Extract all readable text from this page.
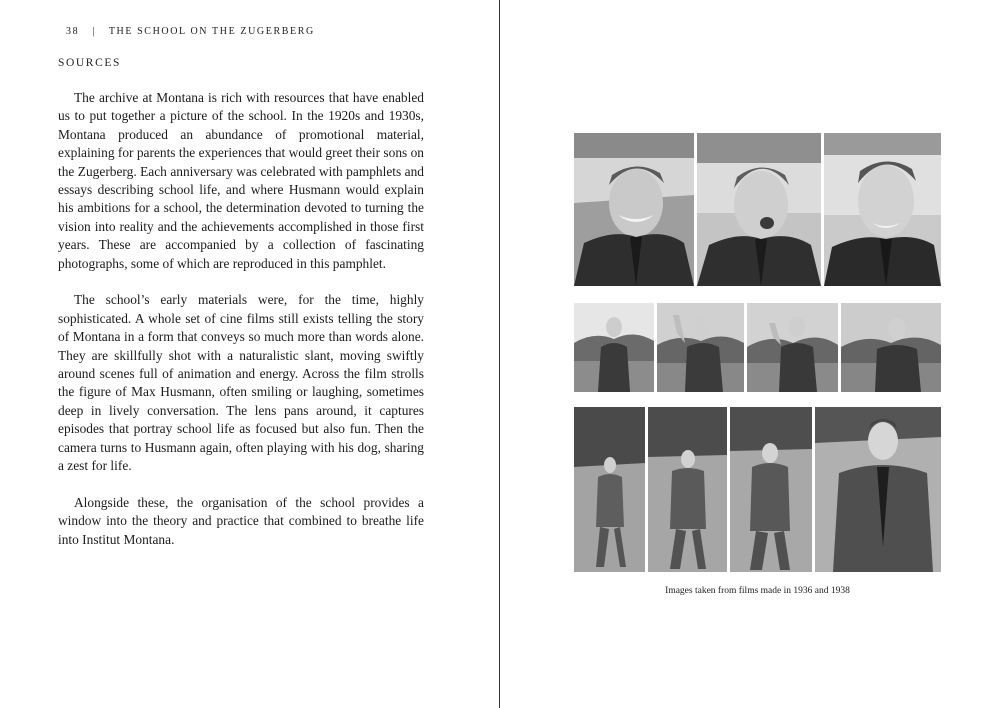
38 | THE SCHOOL ON THE ZUGERBERG
SOURCES

The archive at Montana is rich with resources that have enabled us to put together a picture of the school. In the 1920s and 1930s, Montana produced an abundance of promotional material, explaining for parents the experiences that would greet their sons on the Zugerberg. Each anniversary was celebrated with pamphlets and essays describing school life, and where Husmann would explain his ambitions for a school, the determination devoted to turning the vision into reality and the achievements accomplished in those first years. These are accompanied by a collection of fascinating photographs, some of which are reproduced in this pamphlet.

The school’s early materials were, for the time, highly sophisticated. A whole set of cine films still exists telling the story of Montana in a form that conveys so much more than words alone. They are skillfully shot with a naturalistic slant, moving swiftly around scenes full of animation and energy. Across the film strolls the figure of Max Husmann, often smiling or laughing, sometimes deep in lively conversation. The lens pans around, it captures episodes that portray school life as focused but also fun. Then the camera turns to Husmann again, often playing with his dog, sharing a zest for life.

Alongside these, the organisation of the school provides a window into the theory and practice that combined to breathe life into Institut Montana.

Images taken from films made in 1936 and 1938
